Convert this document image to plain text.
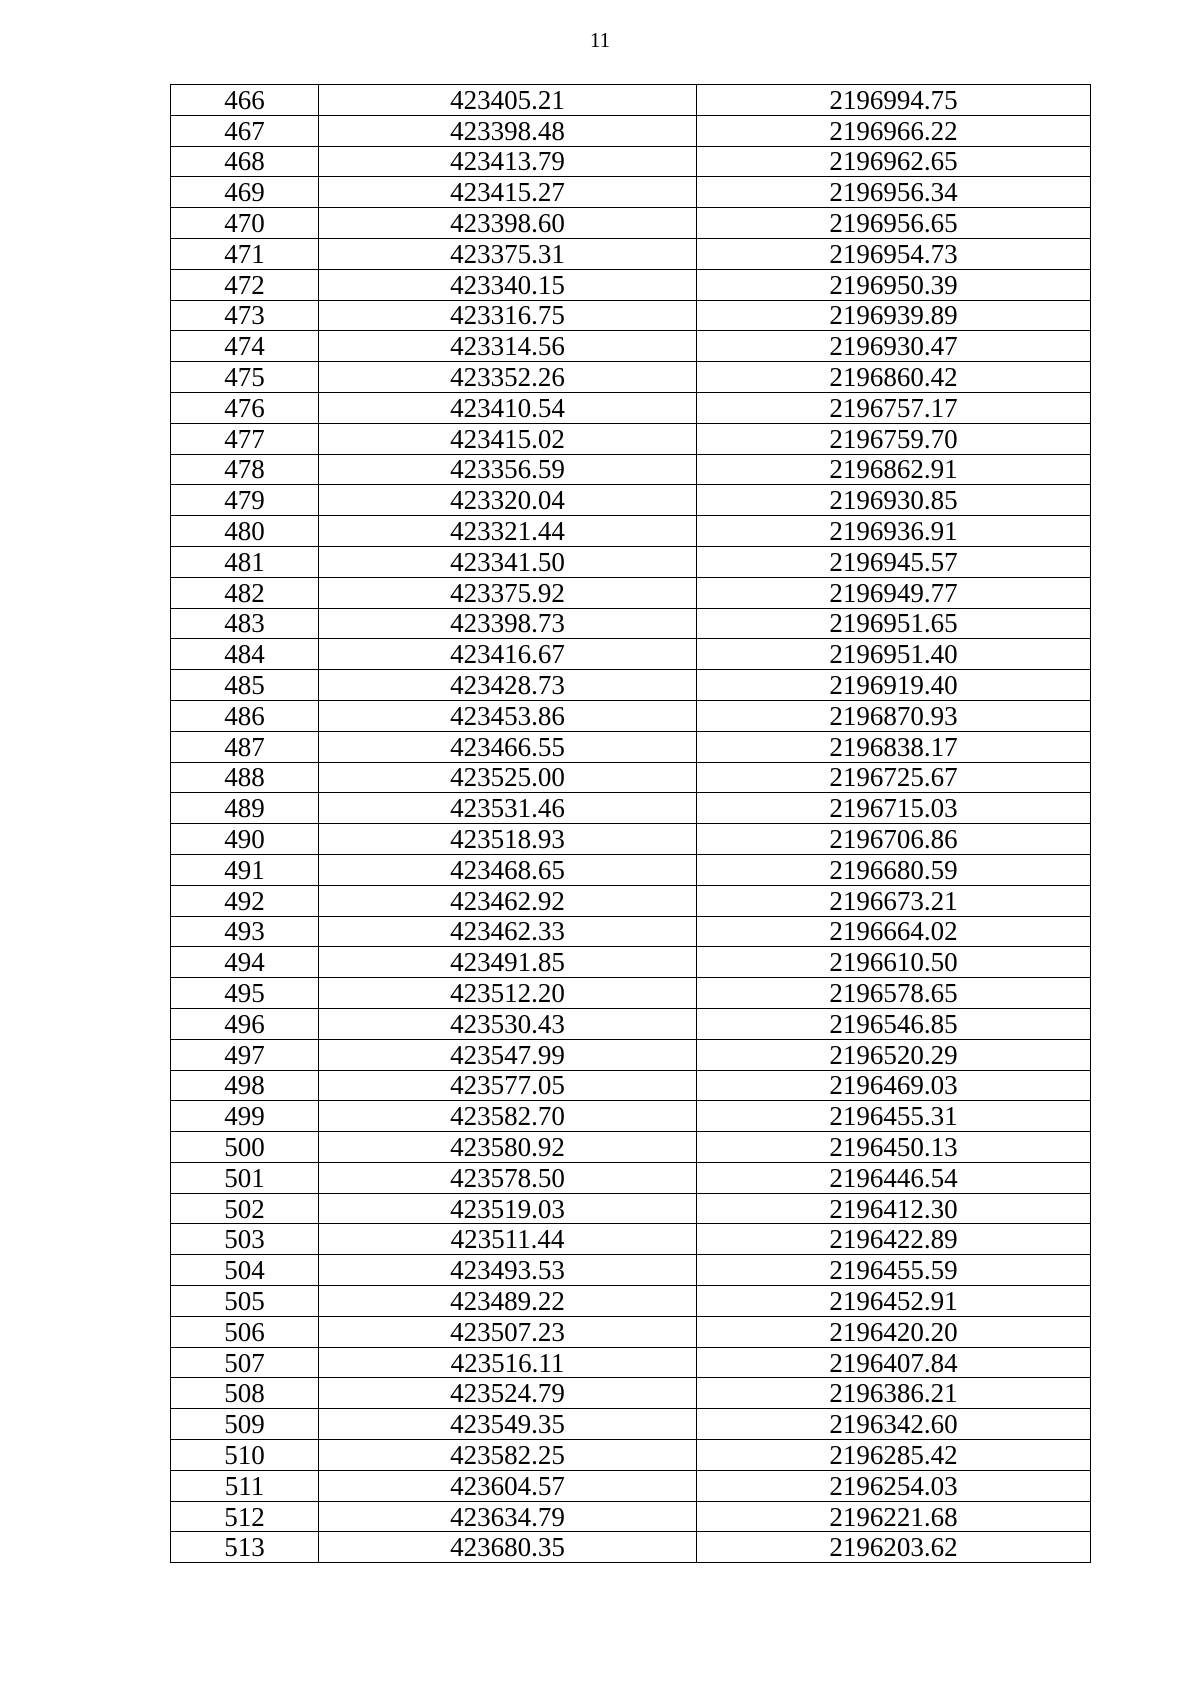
11
466	423405.21	2196994.75
467	423398.48	2196966.22
468	423413.79	2196962.65
469	423415.27	2196956.34
470	423398.60	2196956.65
471	423375.31	2196954.73
472	423340.15	2196950.39
473	423316.75	2196939.89
474	423314.56	2196930.47
475	423352.26	2196860.42
476	423410.54	2196757.17
477	423415.02	2196759.70
478	423356.59	2196862.91
479	423320.04	2196930.85
480	423321.44	2196936.91
481	423341.50	2196945.57
482	423375.92	2196949.77
483	423398.73	2196951.65
484	423416.67	2196951.40
485	423428.73	2196919.40
486	423453.86	2196870.93
487	423466.55	2196838.17
488	423525.00	2196725.67
489	423531.46	2196715.03
490	423518.93	2196706.86
491	423468.65	2196680.59
492	423462.92	2196673.21
493	423462.33	2196664.02
494	423491.85	2196610.50
495	423512.20	2196578.65
496	423530.43	2196546.85
497	423547.99	2196520.29
498	423577.05	2196469.03
499	423582.70	2196455.31
500	423580.92	2196450.13
501	423578.50	2196446.54
502	423519.03	2196412.30
503	423511.44	2196422.89
504	423493.53	2196455.59
505	423489.22	2196452.91
506	423507.23	2196420.20
507	423516.11	2196407.84
508	423524.79	2196386.21
509	423549.35	2196342.60
510	423582.25	2196285.42
511	423604.57	2196254.03
512	423634.79	2196221.68
513	423680.35	2196203.62
